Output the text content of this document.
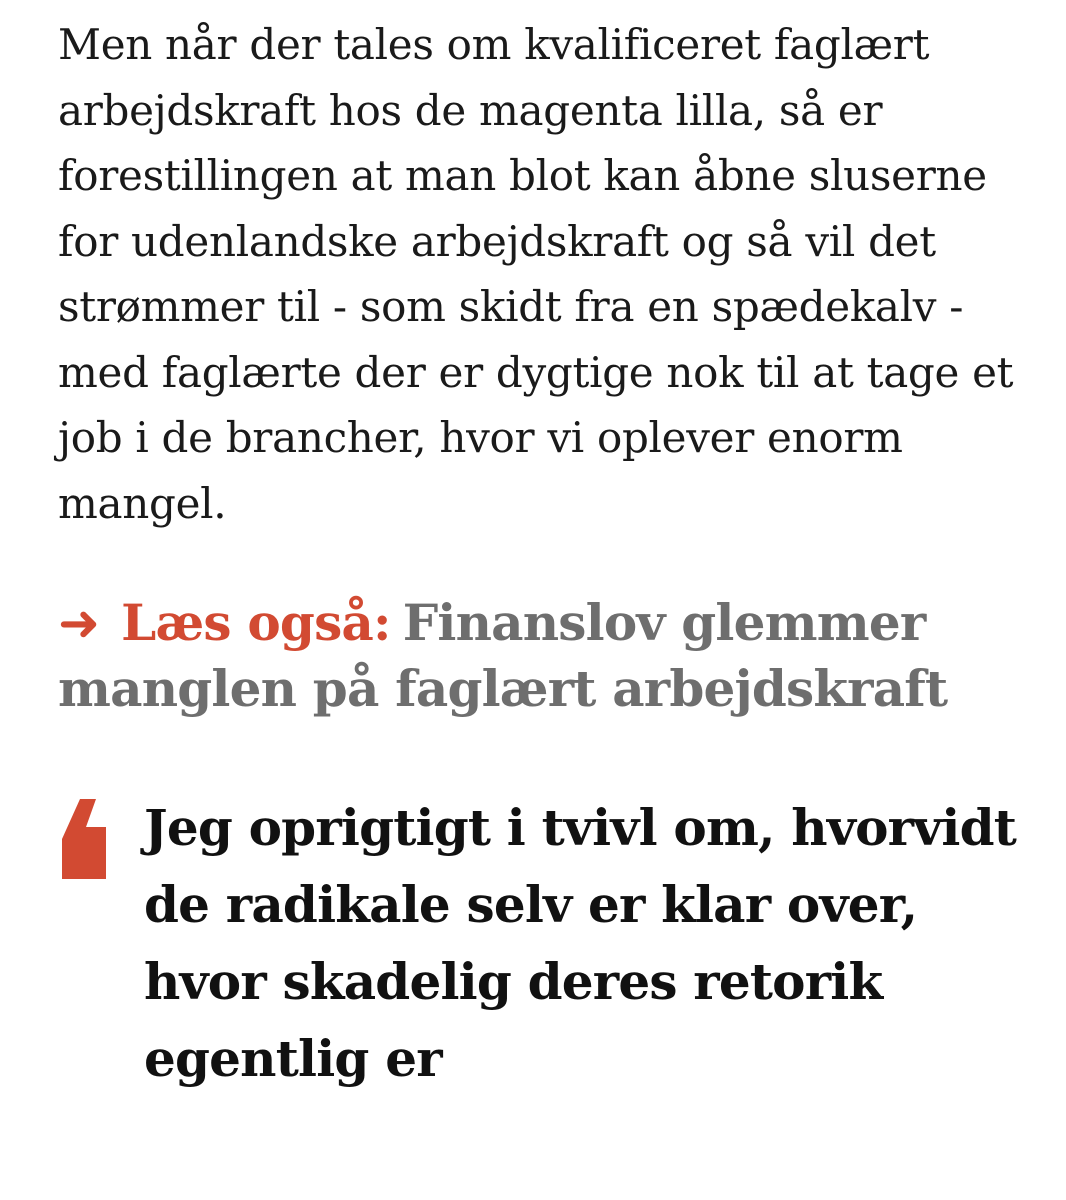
Men når der tales om kvalificeret faglært arbejdskraft hos de magenta lilla, så er forestillingen at man blot kan åbne sluserne for udenlandske arbejdskraft og så vil det strømmer til - som skidt fra en spædekalv - med faglærte der er dygtige nok til at tage et job i de brancher, hvor vi oplever enorm mangel.

➜ Læs også: Finanslov glemmer manglen på faglært arbejdskraft

Jeg oprigtigt i tvivl om, hvorvidt de radikale selv er klar over, hvor skadelig deres retorik egentlig er
